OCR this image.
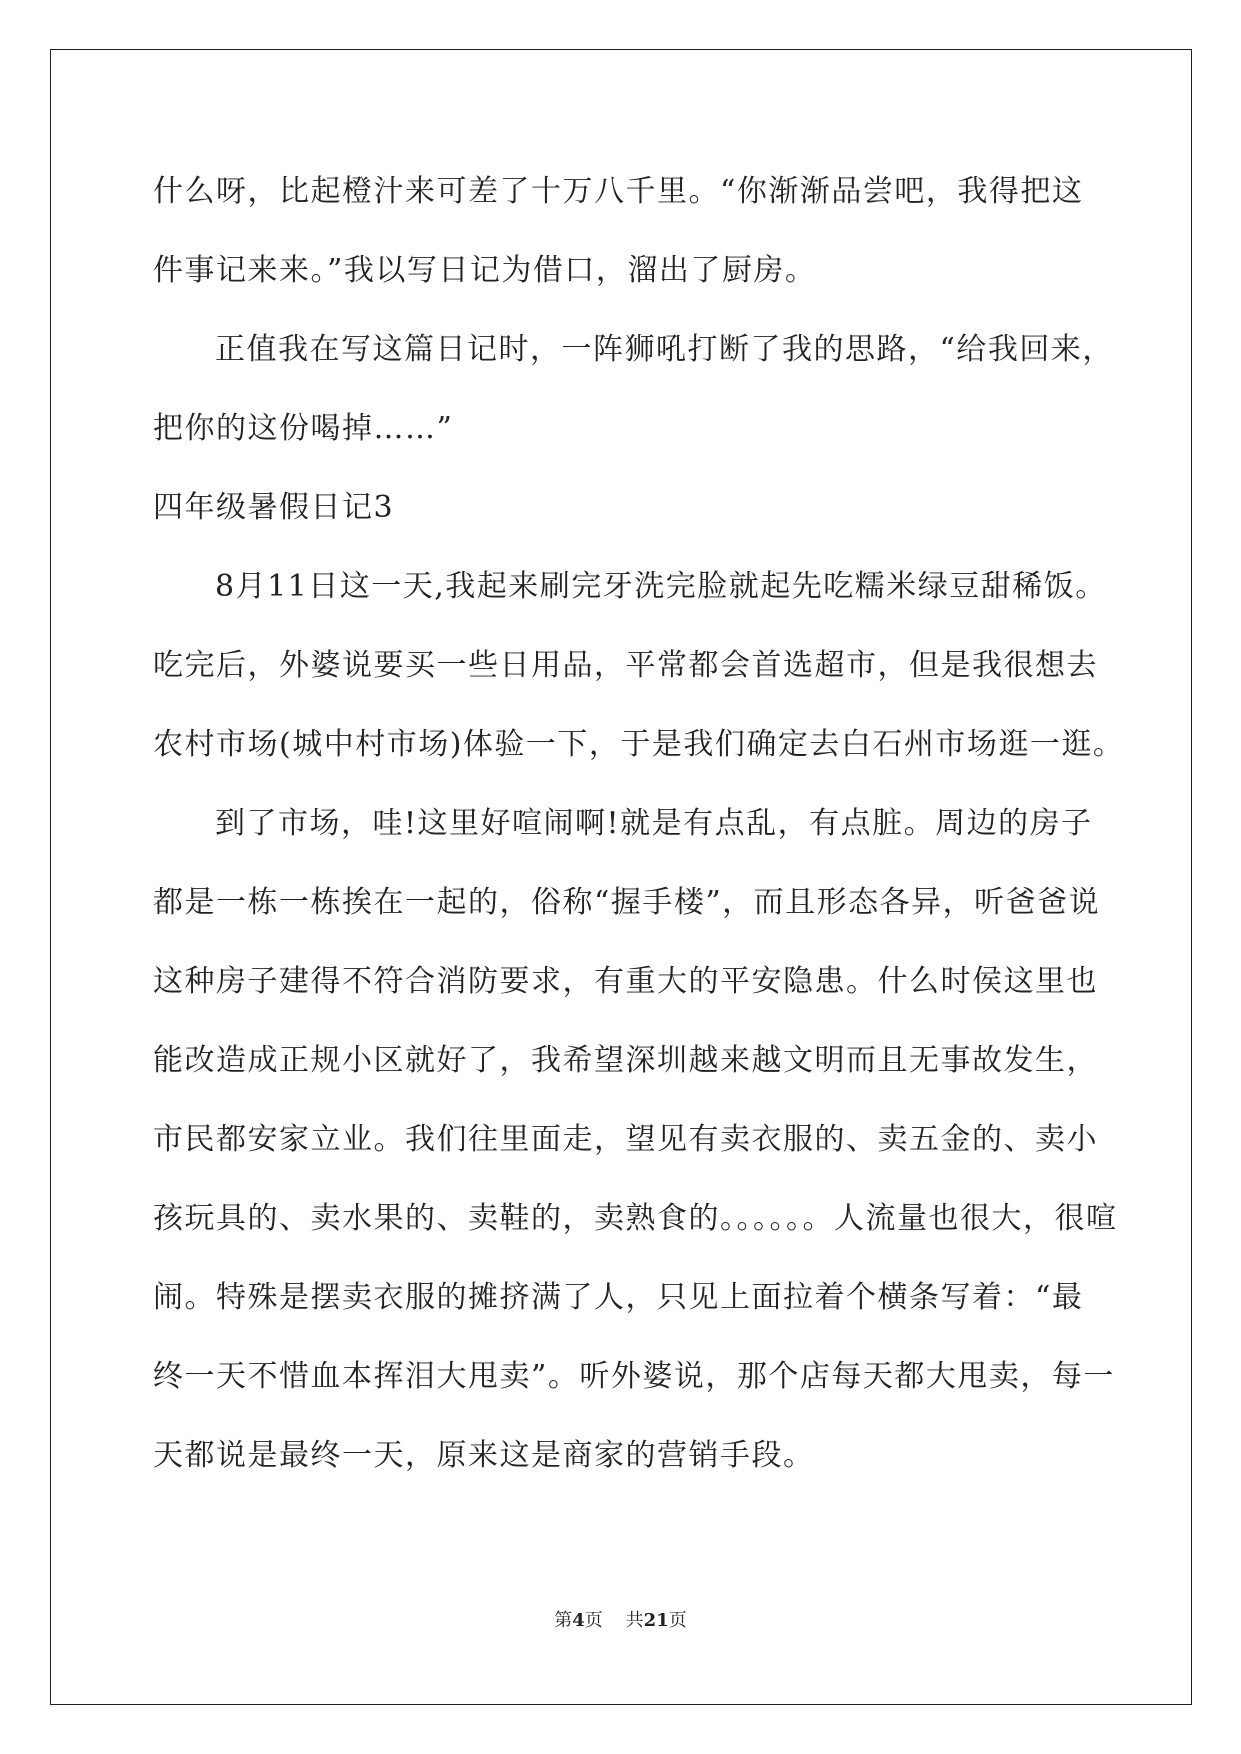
什么呀，比起橙汁来可差了十万八千里。“你渐渐品尝吧，我得把这
件事记来来。”我以写日记为借口，溜出了厨房。
正值我在写这篇日记时，一阵狮吼打断了我的思路，“给我回来，
把你的这份喝掉……”
四年级暑假日记3
8月11日这一天,我起来刷完牙洗完脸就起先吃糯米绿豆甜稀饭。
吃完后，外婆说要买一些日用品，平常都会首选超市，但是我很想去
农村市场(城中村市场)体验一下，于是我们确定去白石州市场逛一逛。
到了市场，哇!这里好喧闹啊!就是有点乱，有点脏。周边的房子
都是一栋一栋挨在一起的，俗称“握手楼”，而且形态各异，听爸爸说
这种房子建得不符合消防要求，有重大的平安隐患。什么时侯这里也
能改造成正规小区就好了，我希望深圳越来越文明而且无事故发生，
市民都安家立业。我们往里面走，望见有卖衣服的、卖五金的、卖小
孩玩具的、卖水果的、卖鞋的，卖熟食的。。。。。。人流量也很大，很喧
闹。特殊是摆卖衣服的摊挤满了人，只见上面拉着个横条写着：“最
终一天不惜血本挥泪大甩卖”。听外婆说，那个店每天都大甩卖，每一
天都说是最终一天，原来这是商家的营销手段。
第4页    共21页
